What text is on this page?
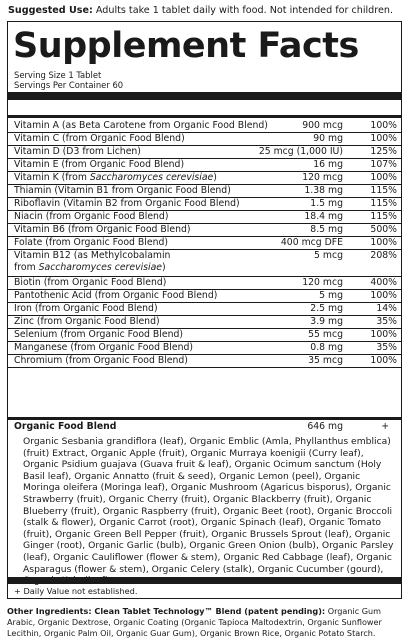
Suggested Use: Adults take 1 tablet daily with food. Not intended for children.
Supplement Facts
Serving Size 1 Tablet
Servings Per Container 60
Vitamin A (as Beta Carotene from Organic Food Blend)	900 mcg	100%
Vitamin C (from Organic Food Blend)	90 mg	100%
Vitamin D (D3 from Lichen)	25 mcg (1,000 IU)	125%
Vitamin E (from Organic Food Blend)	16 mg	107%
Vitamin K (from Saccharomyces cerevisiae)	120 mcg	100%
Thiamin (Vitamin B1 from Organic Food Blend)	1.38 mg	115%
Riboflavin (Vitamin B2 from Organic Food Blend)	1.5 mg	115%
Niacin (from Organic Food Blend)	18.4 mg	115%
Vitamin B6 (from Organic Food Blend)	8.5 mg	500%
Folate (from Organic Food Blend)	400 mcg DFE	100%
Vitamin B12 (as Methylcobalamin
from Saccharomyces cerevisiae)
5 mcg	208%
Biotin (from Organic Food Blend)	120 mcg	400%
Pantothenic Acid (from Organic Food Blend)	5 mg	100%
Iron (from Organic Food Blend)	2.5 mg	14%
Zinc (from Organic Food Blend)	3.9 mg	35%
Selenium (from Organic Food Blend)	55 mcg	100%
Manganese (from Organic Food Blend)	0.8 mg	35%
Chromium (from Organic Food Blend)	35 mcg	100%
Organic Food Blend	646 mg	+
Organic Sesbania grandiflora (leaf), Organic Emblic (Amla, Phyllanthus emblica) (fruit) Extract, Organic Apple (fruit), Organic Murraya koenigii (Curry leaf), Organic Psidium guajava (Guava fruit & leaf), Organic Ocimum sanctum (Holy Basil leaf), Organic Annatto (fruit & seed), Organic Lemon (peel), Organic Moringa oleifera (Moringa leaf), Organic Mushroom (Agaricus bisporus), Organic Strawberry (fruit), Organic Cherry (fruit), Organic Blackberry (fruit), Organic Blueberry (fruit), Organic Raspberry (fruit), Organic Beet (root), Organic Broccoli (stalk & flower), Organic Carrot (root), Organic Spinach (leaf), Organic Tomato (fruit), Organic Green Bell Pepper (fruit), Organic Brussels Sprout (leaf), Organic Ginger (root), Organic Garlic (bulb), Organic Green Onion (bulb), Organic Parsley (leaf), Organic Cauliflower (flower & stem), Organic Red Cabbage (leaf), Organic Asparagus (flower & stem), Organic Celery (stalk), Organic Cucumber (gourd),
+ Daily Value not established.
Other Ingredients: Clean Tablet Technology™ Blend (patent pending): Organic Gum Arabic, Organic Dextrose, Organic Coating (Organic Tapioca Maltodextrin, Organic Sunflower Lecithin, Organic Palm Oil, Organic Guar Gum), Organic Brown Rice, Organic Potato Starch.
